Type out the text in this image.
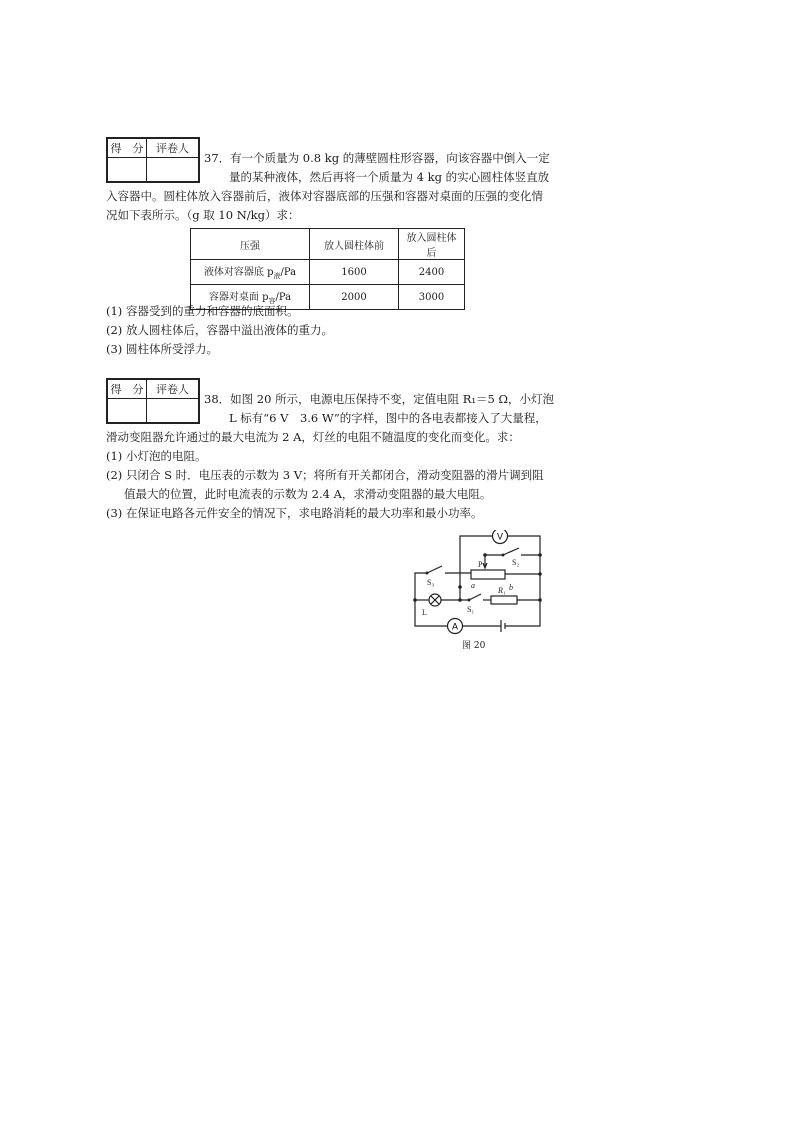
得　分	评卷人

37．有一个质量为 0.8 kg 的薄壁圆柱形容器，向该容器中倒入一定
量的某种液体，然后再将一个质量为 4 kg 的实心圆柱体竖直放
入容器中。圆柱体放入容器前后，液体对容器底部的压强和容器对桌面的压强的变化情
况如下表所示。（g 取 10 N/kg）求：
压强	放人圆柱体前	放入圆柱体后
液体对容器底 $p_液/Pa$	1600	2400
容器对桌面 $p_容/Pa$	2000	3000
(1) 容器受到的重力和容器的底面积。
(2) 放人圆柱体后，容器中溢出液体的重力。
(3) 圆柱体所受浮力。
得　分	评卷人

38．如图 20 所示，电源电压保持不变，定值电阻 R₁＝5 Ω，小灯泡
L 标有“6 V　3.6 W”的字样，图中的各电表都接入了大量程，
滑动变阻器允许通过的最大电流为 2 A，灯丝的电阻不随温度的变化而变化。求：
(1) 小灯泡的电阻。
(2) 只闭合 S 时．电压表的示数为 3 V；将所有开关都闭合，滑动变阻器的滑片调到阻
值最大的位置，此时电流表的示数为 2.4 A，求滑动变阻器的最大电阻。
(3) 在保证电路各元件安全的情况下，求电路消耗的最大功率和最小功率。
V
A
S₂
S₃
P
a	b
L	S₁
R₁
图 20
